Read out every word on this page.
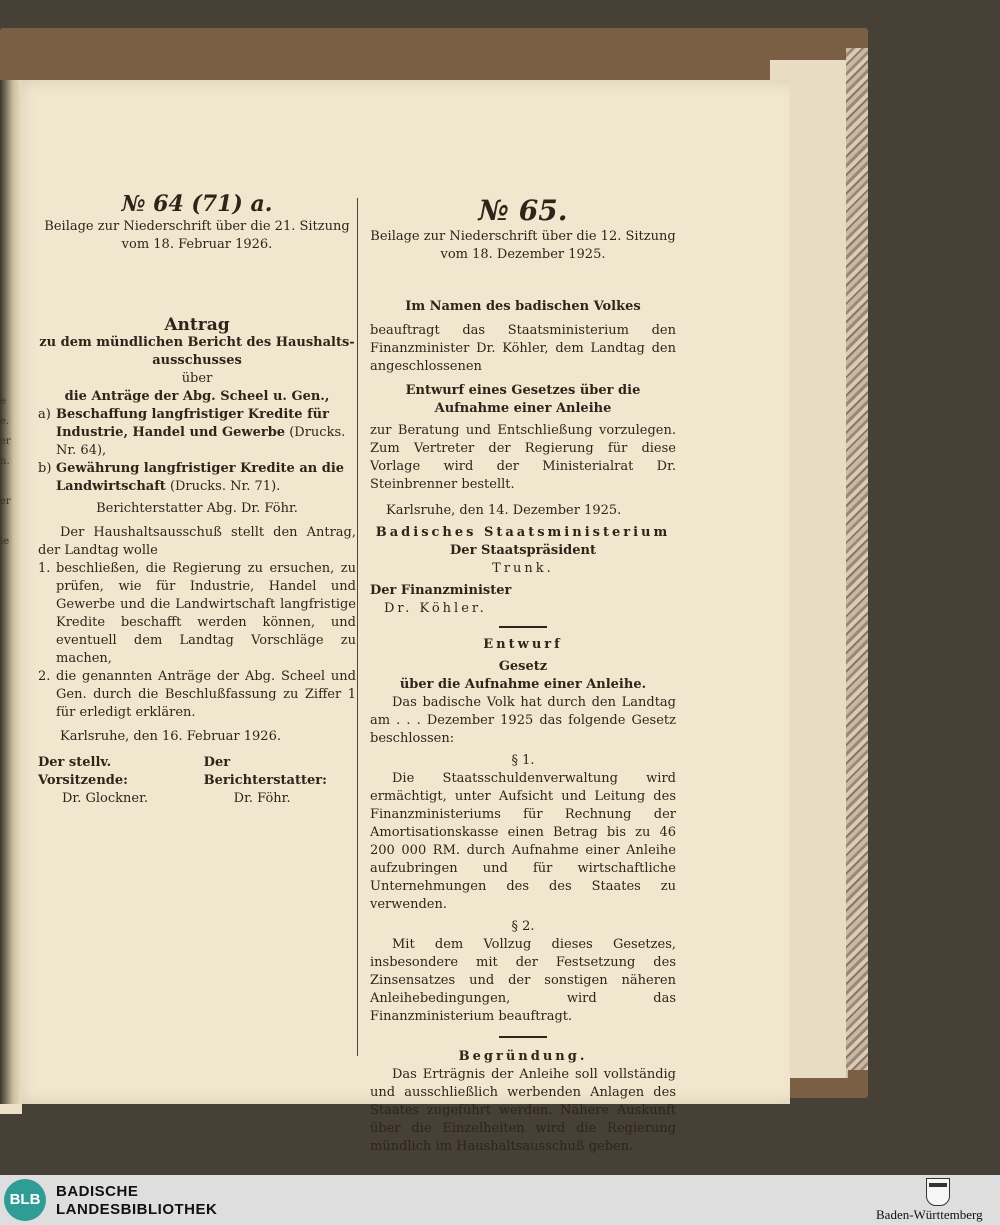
e
e.
er
n.
er
ie
№ 64 (71) a.

Beilage zur Niederschrift über die 21. Sitzung vom 18. Februar 1926.

Antrag

zu dem mündlichen Bericht des Haushalts-ausschusses

über

die Anträge der Abg. Scheel u. Gen.,

a) Beschaffung langfristiger Kredite für Industrie, Handel und Gewerbe (Drucks. Nr. 64),
b) Gewährung langfristiger Kredite an die Landwirtschaft (Drucks. Nr. 71).

Berichterstatter Abg. Dr. Föhr.

Der Haushaltsausschuß stellt den Antrag, der Landtag wolle

1. beschließen, die Regierung zu ersuchen, zu prüfen, wie für Industrie, Handel und Gewerbe und die Landwirtschaft langfristige Kredite beschafft werden können, und eventuell dem Landtag Vorschläge zu machen,
2. die genannten Anträge der Abg. Scheel und Gen. durch die Beschlußfassung zu Ziffer 1 für erledigt erklären.

Karlsruhe, den 16. Februar 1926.

Der stellv. Vorsitzende:
Dr. Glockner.
Der Berichterstatter:
Dr. Föhr.
№ 65.

Beilage zur Niederschrift über die 12. Sitzung vom 18. Dezember 1925.

Im Namen des badischen Volkes

beauftragt das Staatsministerium den Finanzminister Dr. Köhler, dem Landtag den angeschlossenen

Entwurf eines Gesetzes über die Aufnahme einer Anleihe

zur Beratung und Entschließung vorzulegen. Zum Vertreter der Regierung für diese Vorlage wird der Ministerialrat Dr. Steinbrenner bestellt.

Karlsruhe, den 14. Dezember 1925.

Badisches Staatsministerium

Der Staatspräsident

Trunk.

Der Finanzminister

Dr. Köhler.

Entwurf

Gesetz

über die Aufnahme einer Anleihe.

Das badische Volk hat durch den Landtag am . . . Dezember 1925 das folgende Gesetz beschlossen:

§ 1.

Die Staatsschuldenverwaltung wird ermächtigt, unter Aufsicht und Leitung des Finanzministeriums für Rechnung der Amortisationskasse einen Betrag bis zu 46 200 000 RM. durch Aufnahme einer Anleihe aufzubringen und für wirtschaftliche Unternehmungen des des Staates zu verwenden.

§ 2.

Mit dem Vollzug dieses Gesetzes, insbesondere mit der Festsetzung des Zinsensatzes und der sonstigen näheren Anleihebedingungen, wird das Finanzministerium beauftragt.

Begründung.

Das Erträgnis der Anleihe soll vollständig und ausschließlich werbenden Anlagen des Staates zugeführt werden. Nähere Auskunft über die Einzelheiten wird die Regierung mündlich im Haushaltsausschuß geben.

BLB	BADISCHE
LANDESBIBLIOTHEK	Baden-Württemberg
